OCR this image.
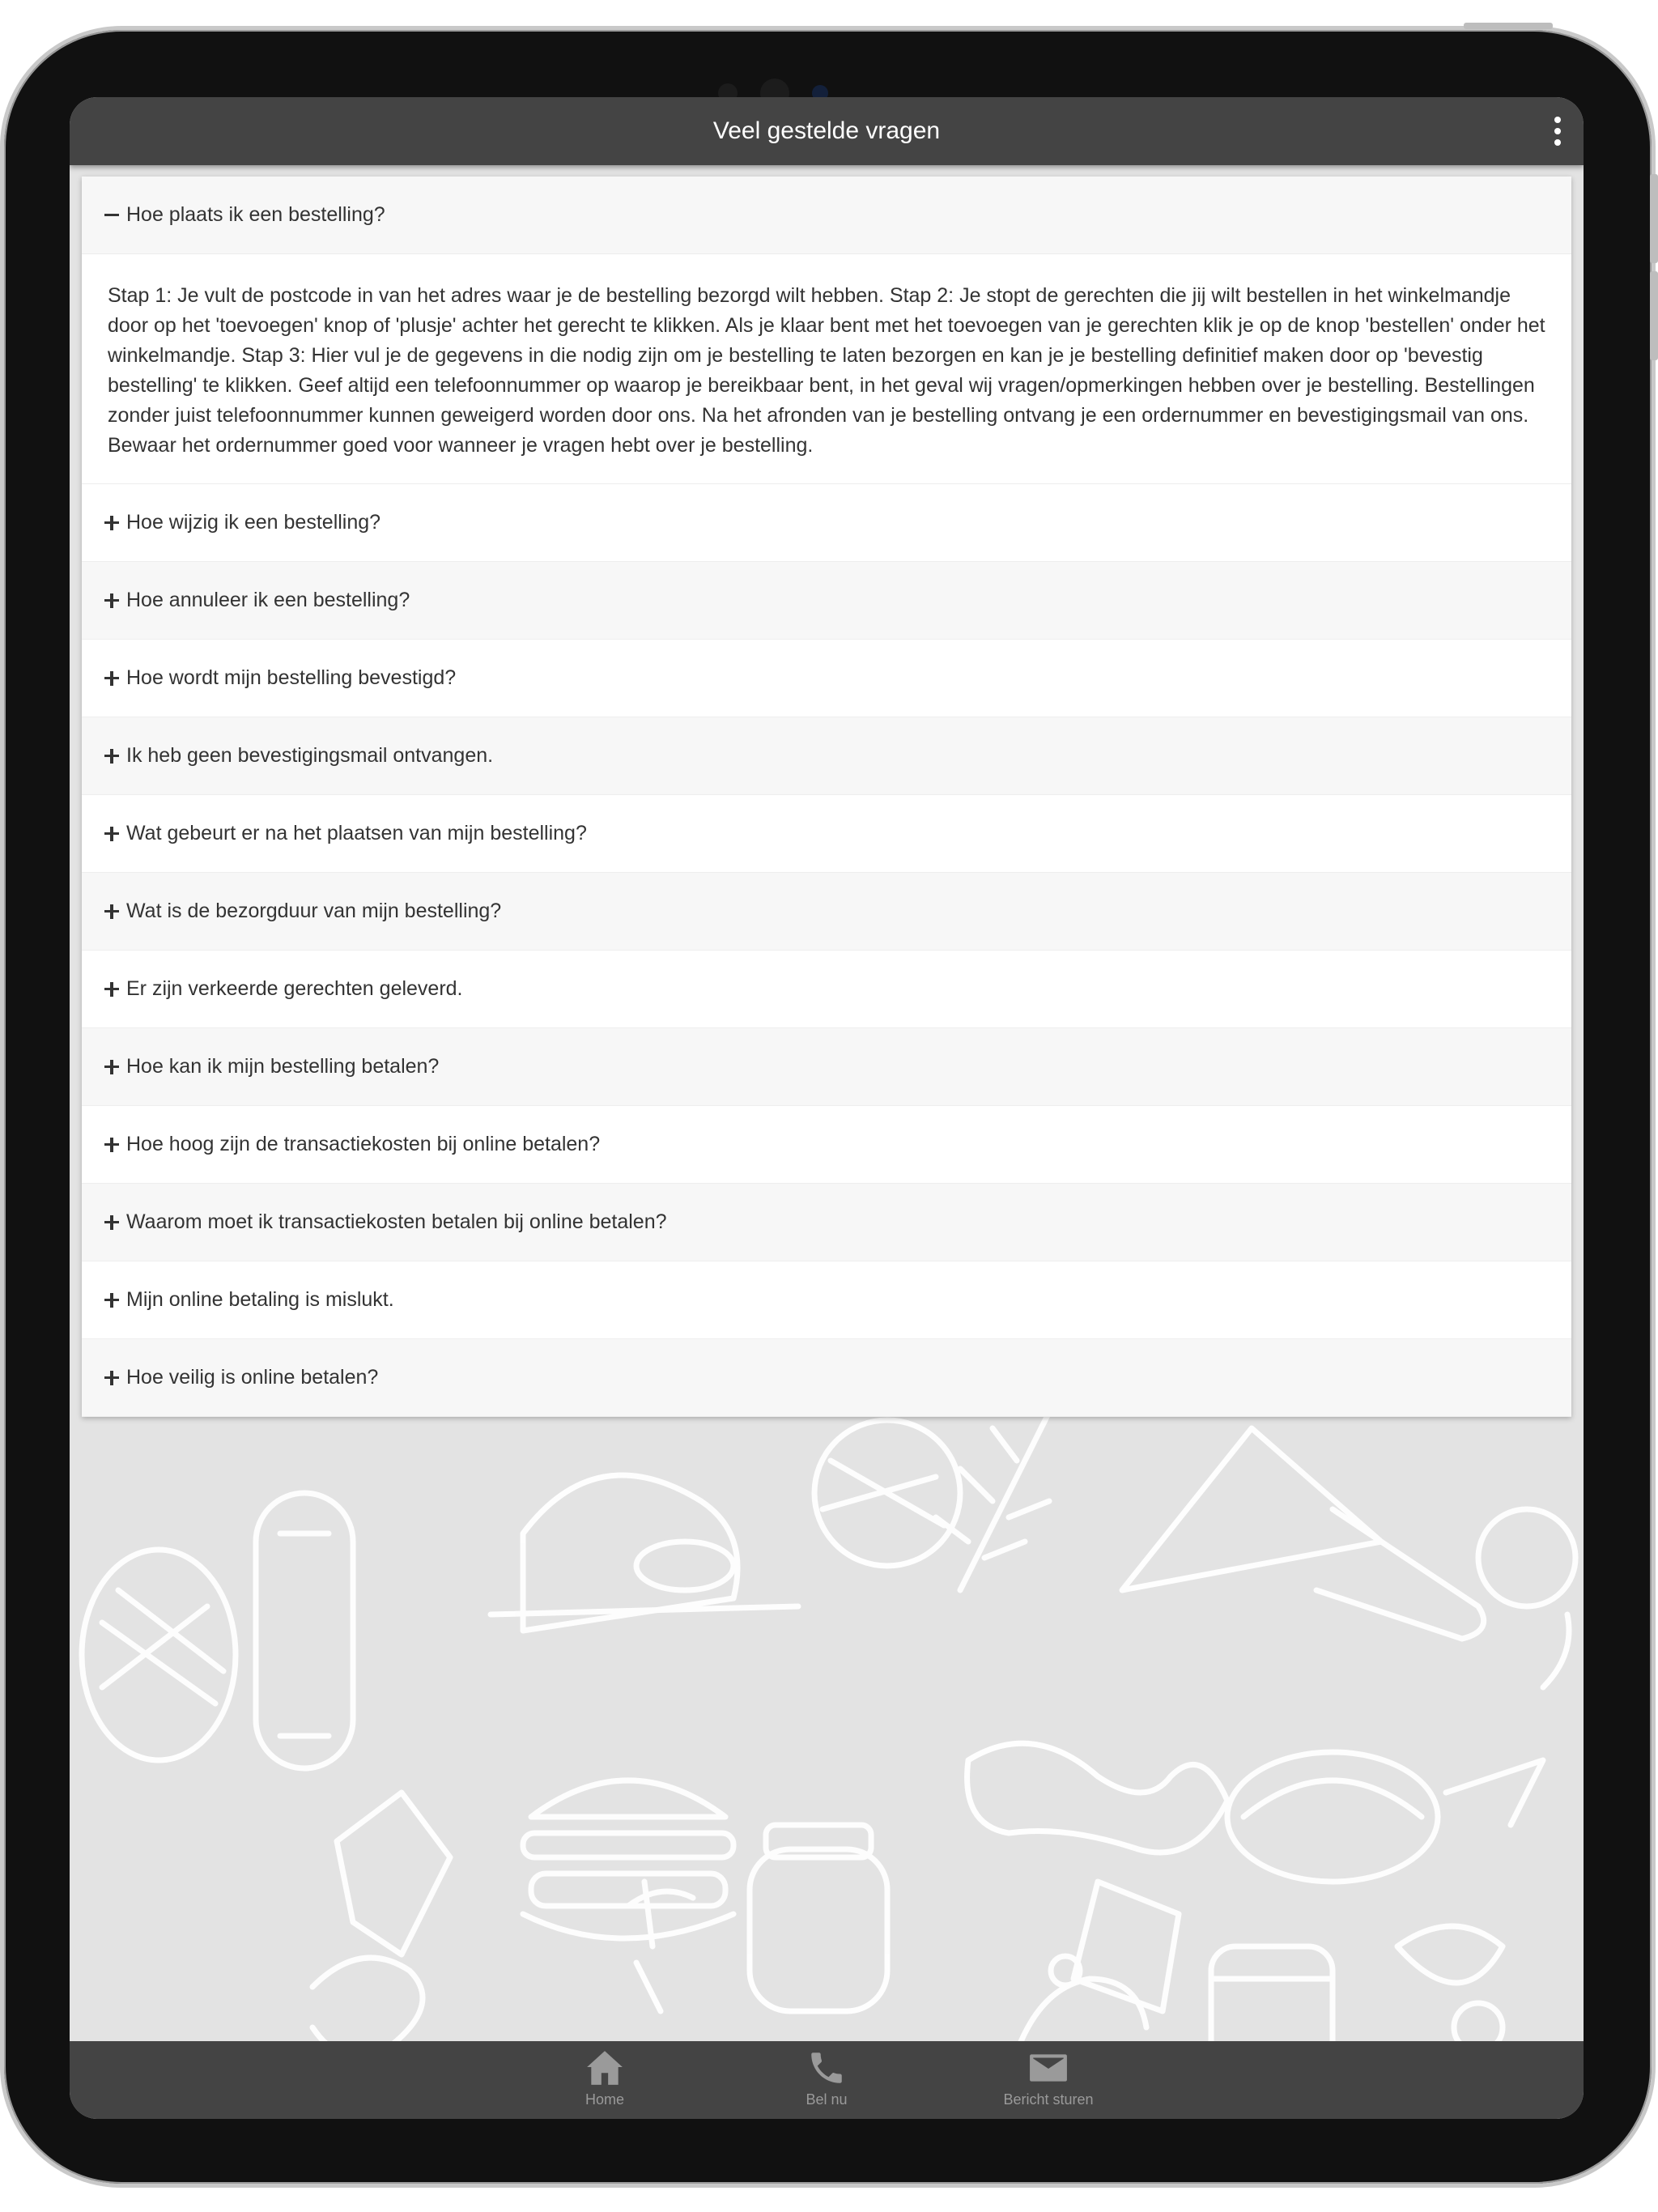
Veel gestelde vragen
Hoe plaats ik een bestelling?
Stap 1: Je vult de postcode in van het adres waar je de bestelling bezorgd wilt hebben. Stap 2: Je stopt de gerechten die jij wilt bestellen in het winkelmandje door op het 'toevoegen' knop of 'plusje' achter het gerecht te klikken. Als je klaar bent met het toevoegen van je gerechten klik je op de knop 'bestellen' onder het winkelmandje. Stap 3: Hier vul je de gegevens in die nodig zijn om je bestelling te laten bezorgen en kan je je bestelling definitief maken door op 'bevestig bestelling' te klikken. Geef altijd een telefoonnummer op waarop je bereikbaar bent, in het geval wij vragen/opmerkingen hebben over je bestelling. Bestellingen zonder juist telefoonnummer kunnen geweigerd worden door ons. Na het afronden van je bestelling ontvang je een ordernummer en bevestigingsmail van ons. Bewaar het ordernummer goed voor wanneer je vragen hebt over je bestelling.
Hoe wijzig ik een bestelling?
Hoe annuleer ik een bestelling?
Hoe wordt mijn bestelling bevestigd?
Ik heb geen bevestigingsmail ontvangen.
Wat gebeurt er na het plaatsen van mijn bestelling?
Wat is de bezorgduur van mijn bestelling?
Er zijn verkeerde gerechten geleverd.
Hoe kan ik mijn bestelling betalen?
Hoe hoog zijn de transactiekosten bij online betalen?
Waarom moet ik transactiekosten betalen bij online betalen?
Mijn online betaling is mislukt.
Hoe veilig is online betalen?
Home	Bel nu	Bericht sturen
